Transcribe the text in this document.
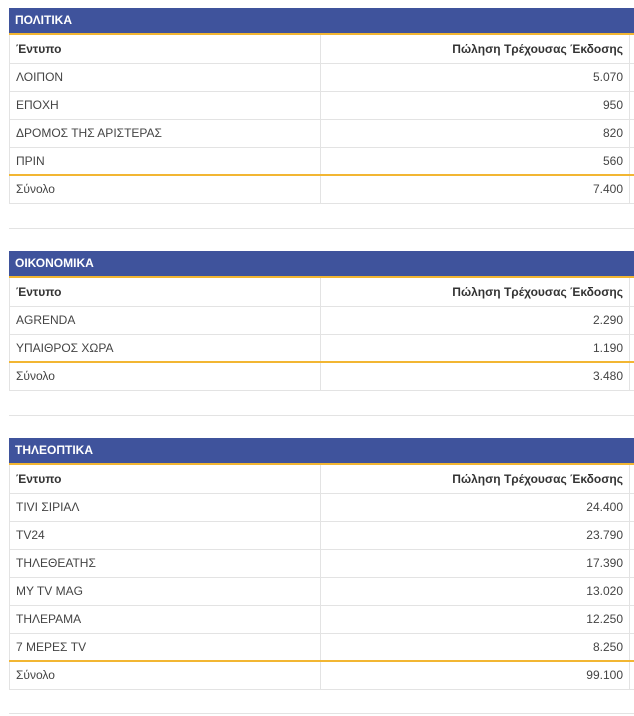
ΠΟΛΙΤΙΚΑ
Έντυπο	Πώληση Τρέχουσας Έκδοσης	
ΛΟΙΠΟΝ	5.070	
ΕΠΟΧΗ	950	
ΔΡΟΜΟΣ ΤΗΣ ΑΡΙΣΤΕΡΑΣ	820	
ΠΡΙΝ	560	
Σύνολο	7.400	
ΟΙΚΟΝΟΜΙΚΑ
Έντυπο	Πώληση Τρέχουσας Έκδοσης	
AGRENDA	2.290	
ΥΠΑΙΘΡΟΣ ΧΩΡΑ	1.190	
Σύνολο	3.480	
ΤΗΛΕΟΠΤΙΚΑ
Έντυπο	Πώληση Τρέχουσας Έκδοσης	
ΤΙVΙ ΣΙΡΙΑΛ	24.400	
TV24	23.790	
ΤΗΛΕΘΕΑΤΗΣ	17.390	
MY TV MAG	13.020	
ΤΗΛΕΡΑΜΑ	12.250	
7 ΜΕΡΕΣ TV	8.250	
Σύνολο	99.100	
